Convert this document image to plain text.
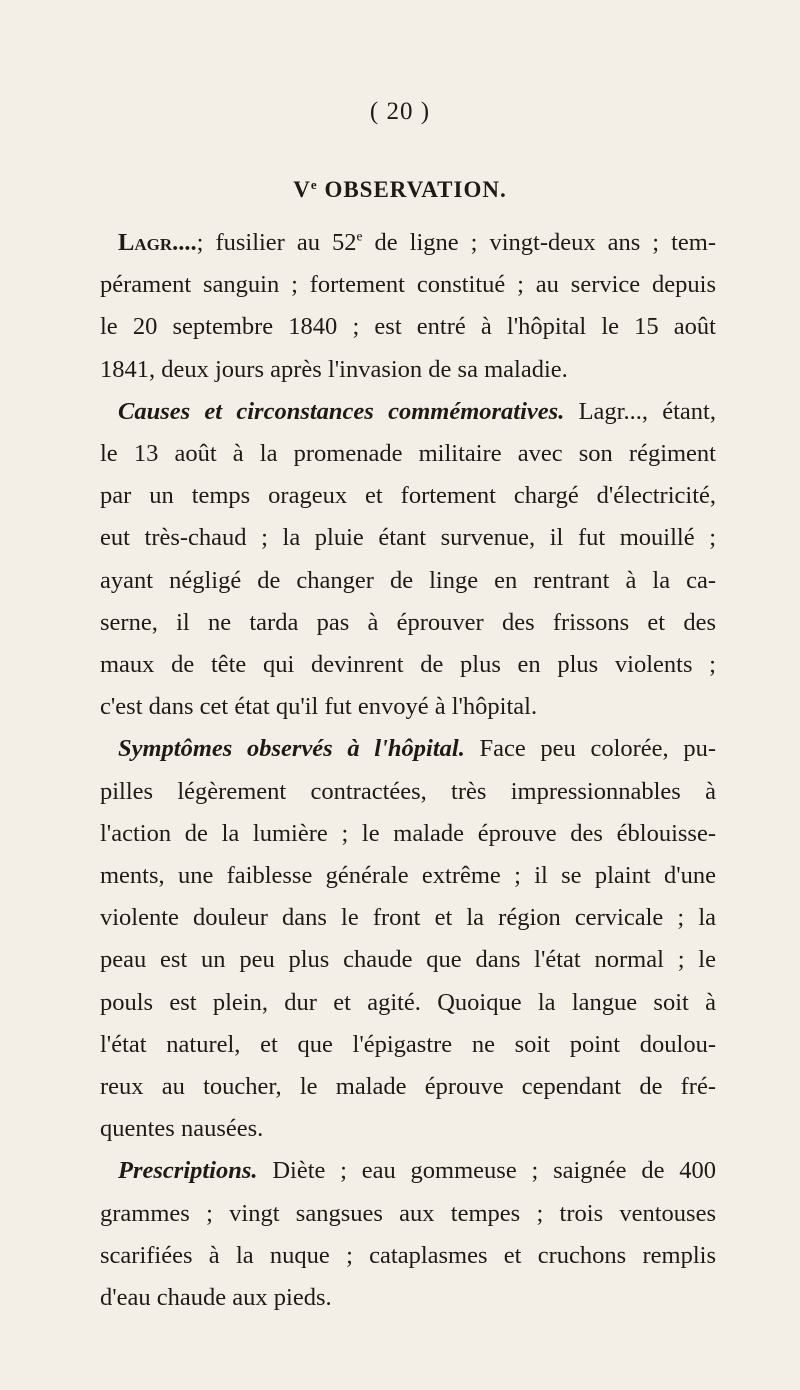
( 20 )
Ve OBSERVATION.
Lagr....; fusilier au 52e de ligne ; vingt-deux ans ; tem-
pérament sanguin ; fortement constitué ; au service depuis
le 20 septembre 1840 ; est entré à l'hôpital le 15 août
1841, deux jours après l'invasion de sa maladie.
Causes et circonstances commémoratives. Lagr..., étant,
le 13 août à la promenade militaire avec son régiment
par un temps orageux et fortement chargé d'électricité,
eut très-chaud ; la pluie étant survenue, il fut mouillé ;
ayant négligé de changer de linge en rentrant à la ca-
serne, il ne tarda pas à éprouver des frissons et des
maux de tête qui devinrent de plus en plus violents ;
c'est dans cet état qu'il fut envoyé à l'hôpital.
Symptômes observés à l'hôpital. Face peu colorée, pu-
pilles légèrement contractées, très impressionnables à
l'action de la lumière ; le malade éprouve des éblouisse-
ments, une faiblesse générale extrême ; il se plaint d'une
violente douleur dans le front et la région cervicale ; la
peau est un peu plus chaude que dans l'état normal ; le
pouls est plein, dur et agité. Quoique la langue soit à
l'état naturel, et que l'épigastre ne soit point doulou-
reux au toucher, le malade éprouve cependant de fré-
quentes nausées.
Prescriptions. Diète ; eau gommeuse ; saignée de 400
grammes ; vingt sangsues aux tempes ; trois ventouses
scarifiées à la nuque ; cataplasmes et cruchons remplis
d'eau chaude aux pieds.
